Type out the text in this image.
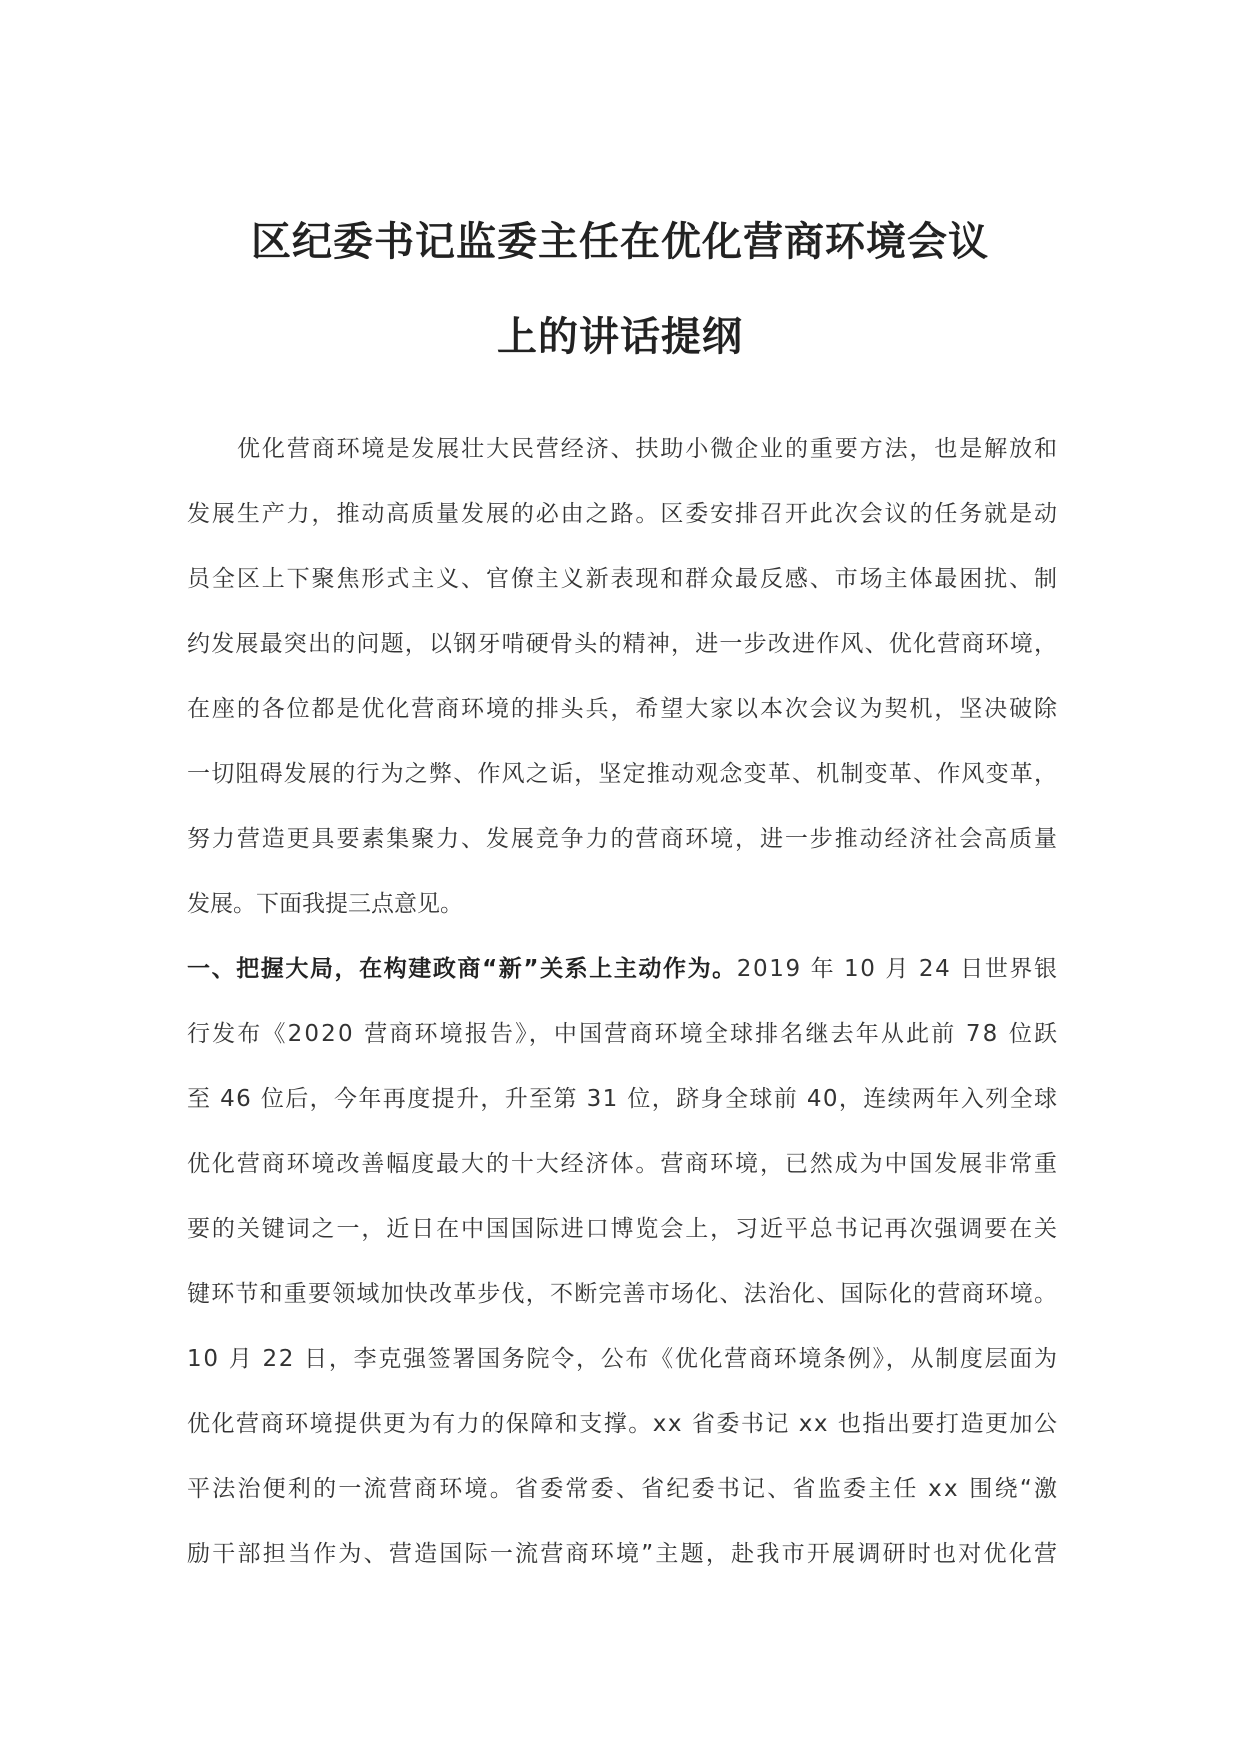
区纪委书记监委主任在优化营商环境会议
上的讲话提纲
优化营商环境是发展壮大民营经济、扶助小微企业的重要方法，也是解放和
发展生产力，推动高质量发展的必由之路。区委安排召开此次会议的任务就是动
员全区上下聚焦形式主义、官僚主义新表现和群众最反感、市场主体最困扰、制
约发展最突出的问题，以钢牙啃硬骨头的精神，进一步改进作风、优化营商环境，
在座的各位都是优化营商环境的排头兵，希望大家以本次会议为契机，坚决破除
一切阻碍发展的行为之弊、作风之诟，坚定推动观念变革、机制变革、作风变革，
努力营造更具要素集聚力、发展竞争力的营商环境，进一步推动经济社会高质量
发展。下面我提三点意见。
一、把握大局，在构建政商“新”关系上主动作为。2019 年 10 月 24 日世界银
行发布《2020 营商环境报告》，中国营商环境全球排名继去年从此前 78 位跃
至 46 位后，今年再度提升，升至第 31 位，跻身全球前 40，连续两年入列全球
优化营商环境改善幅度最大的十大经济体。营商环境，已然成为中国发展非常重
要的关键词之一，近日在中国国际进口博览会上，习近平总书记再次强调要在关
键环节和重要领域加快改革步伐，不断完善市场化、法治化、国际化的营商环境。
10 月 22 日，李克强签署国务院令，公布《优化营商环境条例》，从制度层面为
优化营商环境提供更为有力的保障和支撑。xx 省委书记 xx 也指出要打造更加公
平法治便利的一流营商环境。省委常委、省纪委书记、省监委主任 xx 围绕“激
励干部担当作为、营造国际一流营商环境”主题，赴我市开展调研时也对优化营
